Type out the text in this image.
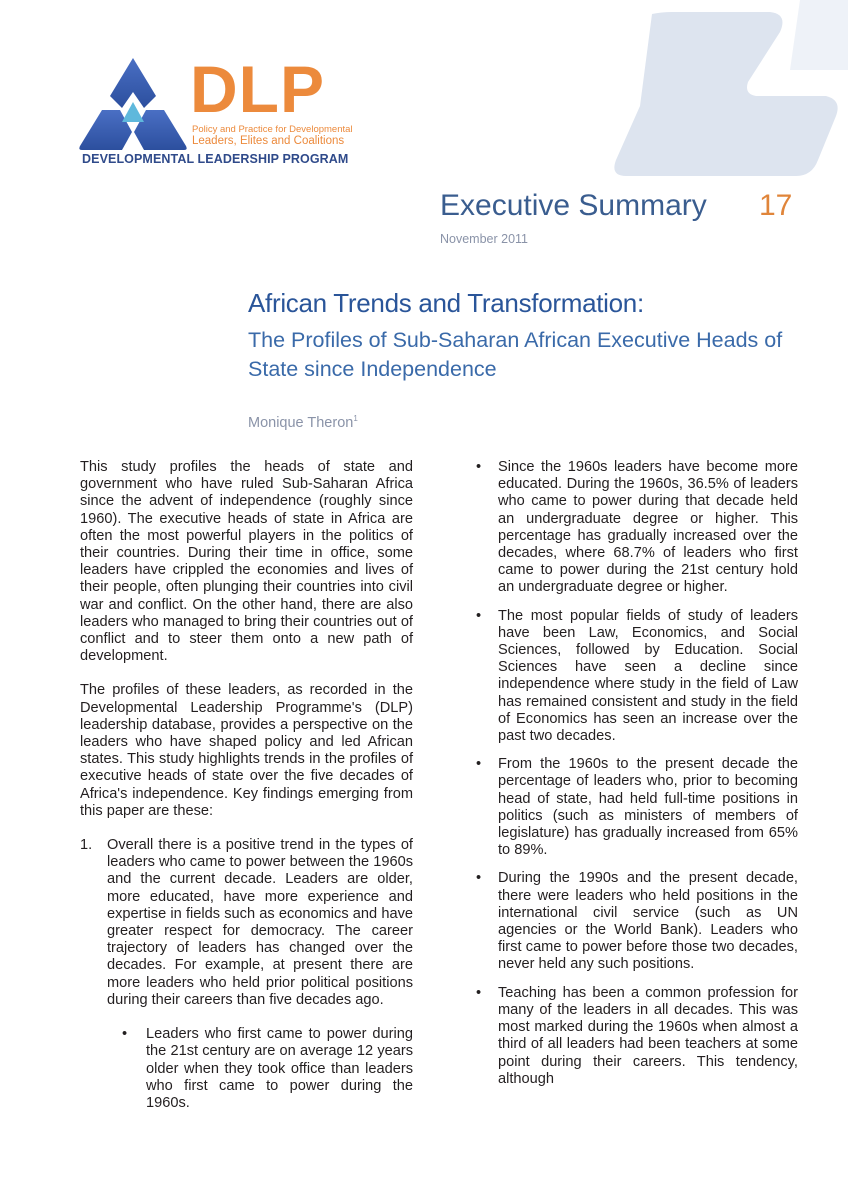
DLP
Policy and Practice for Developmental
Leaders, Elites and Coalitions
DEVELOPMENTAL LEADERSHIP PROGRAM
Executive Summary 17
November 2011
African Trends and Transformation:
The Profiles of Sub-Saharan African Executive Heads of State since Independence
Monique Theron$^1$

This study profiles the heads of state and government who have ruled Sub-Saharan Africa since the advent of independence (roughly since 1960). The executive heads of state in Africa are often the most powerful players in the politics of their countries. During their time in office, some leaders have crippled the economies and lives of their people, often plunging their countries into civil war and conflict. On the other hand, there are also leaders who managed to bring their countries out of conflict and to steer them onto a new path of development.

The profiles of these leaders, as recorded in the Developmental Leadership Programme's (DLP) leadership database, provides a perspective on the leaders who have shaped policy and led African states. This study highlights trends in the profiles of executive heads of state over the five decades of Africa's independence. Key findings emerging from this paper are these:

1. Overall there is a positive trend in the types of leaders who came to power between the 1960s and the current decade. Leaders are older, more educated, have more experience and expertise in fields such as economics and have greater respect for democracy. The career trajectory of leaders has changed over the decades. For example, at present there are more leaders who held prior political positions during their careers than five decades ago.
• Leaders who first came to power during the 21st century are on average 12 years older when they took office than leaders who first came to power during the 1960s.
• Since the 1960s leaders have become more educated. During the 1960s, 36.5% of leaders who came to power during that decade held an undergraduate degree or higher. This percentage has gradually increased over the decades, where 68.7% of leaders who first came to power during the 21st century hold an undergraduate degree or higher.
• The most popular fields of study of leaders have been Law, Economics, and Social Sciences, followed by Education. Social Sciences have seen a decline since independence where study in the field of Law has remained consistent and study in the field of Economics has seen an increase over the past two decades.
• From the 1960s to the present decade the percentage of leaders who, prior to becoming head of state, had held full-time positions in politics (such as ministers of members of legislature) has gradually increased from 65% to 89%.
• During the 1990s and the present decade, there were leaders who held positions in the international civil service (such as UN agencies or the World Bank). Leaders who first came to power before those two decades, never held any such positions.
• Teaching has been a common profession for many of the leaders in all decades. This was most marked during the 1960s when almost a third of all leaders had been teachers at some point during their careers. This tendency, although
